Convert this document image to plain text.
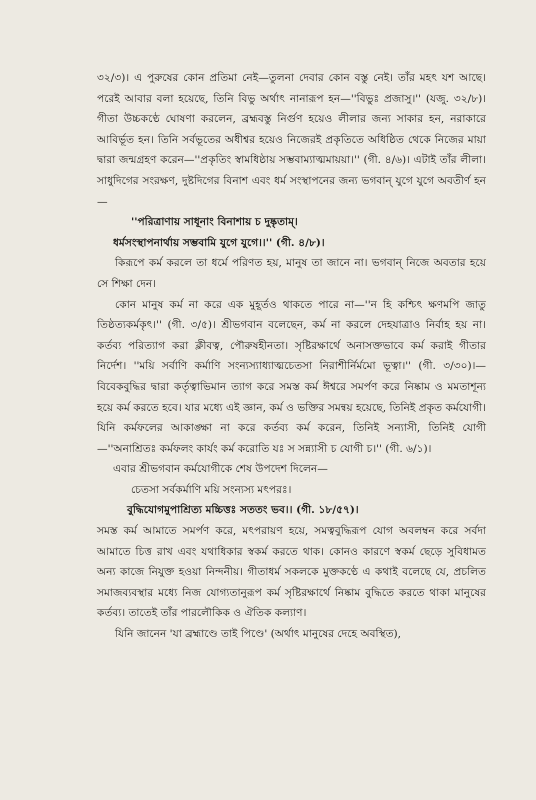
৩২/৩)। এ পুরুষের কোন প্রতিমা নেই—তুলনা দেবার কোন বস্তু নেই। তাঁর মহৎ যশ আছে। পরেই আবার বলা হয়েছে, তিনি বিভু অর্থাৎ নানারূপ হন—''বিভুঃ প্রজাসু।'' (যজু. ৩২/৮)। গীতা উচ্চকণ্ঠে ঘোষণা করলেন, ব্রহ্মবস্তু নির্গুণ হয়েও লীলার জন্য সাকার হন, নরাকারে আবির্ভূত হন। তিনি সর্বভূতের অধীশ্বর হয়েও নিজেরই প্রকৃতিতে অধিষ্ঠিত থেকে নিজের মায়া দ্বারা জন্মগ্রহণ করেন—''প্রকৃতিং স্বামধিষ্ঠায় সম্ভবাম্যাত্মমায়য়া।'' (গী. ৪/৬)। এটাই তাঁর লীলা। সাধুদিগের সংরক্ষণ, দুষ্টদিগের বিনাশ এবং ধর্ম সংস্থাপনের জন্য ভগবান্ যুগে যুগে অবতীর্ণ হন—

''পরিত্রাণায় সাধূনাং বিনাশায় চ দুষ্কৃতাম্।

ধর্মসংস্থাপনার্থায় সম্ভবামি যুগে যুগে।।'' (গী. ৪/৮)।

কিরূপে কর্ম করলে তা ধর্মে পরিণত হয়, মানুষ তা জানে না। ভগবান্ নিজে অবতার হয়ে সে শিক্ষা দেন।

কোন মানুষ কর্ম না করে এক মুহূর্তও থাকতে পারে না—''ন হি কশ্চিৎ ক্ষণমপি জাতু তিষ্ঠত্যকর্মকৃৎ।'' (গী. ৩/৫)। শ্রীভগবান বলেছেন, কর্ম না করলে দেহযাত্রাও নির্বাহ হয় না। কর্তব্য পরিত্যাগ করা ক্লীবত্ব, পৌরুষহীনতা। সৃষ্টিরক্ষার্থে অনাসক্তভাবে কর্ম করাই গীতার নির্দেশ। ''ময়ি সর্বাণি কর্মাণি সংন্যস্যাধ্যাত্মচেতসা নিরাশীর্নির্মমো ভূত্বা।'' (গী. ৩/৩০)।—বিবেকবুদ্ধির দ্বারা কর্তৃত্বাভিমান ত্যাগ করে সমস্ত কর্ম ঈশ্বরে সমর্পণ করে নিষ্কাম ও মমতাশূন্য হয়ে কর্ম করতে হবে। যার মধ্যে এই জ্ঞান, কর্ম ও ভক্তির সমন্বয় হয়েছে, তিনিই প্রকৃত কর্মযোগী। যিনি কর্মফলের আকাঙ্ক্ষা না করে কর্তব্য কর্ম করেন, তিনিই সন্যাসী, তিনিই যোগী—''অনাশ্রিতঃ কর্মফলং কার্যং কর্ম করোতি যঃ স সন্ন্যাসী চ যোগী চ।'' (গী. ৬/১)।

এবার শ্রীভগবান কর্মযোগীকে শেষ উপদেশ দিলেন—

চেতসা সর্বকর্মাণি ময়ি সংন্যস্য মৎপরঃ।

বুদ্ধিযোগমুপাশ্রিত্য মচ্চিত্তঃ সততং ভব।। (গী. ১৮/৫৭)।

সমস্ত কর্ম আমাতে সমর্পণ করে, মৎপরায়ণ হয়ে, সমত্ববুদ্ধিরূপ যোগ অবলম্বন করে সর্বদা আমাতে চিত্ত রাখ এবং যথাধিকার স্বকর্ম করতে থাক। কোনও কারণে স্বকর্ম ছেড়ে সুবিধামত অন্য কাজে নিযুক্ত হওয়া নিন্দনীয়। গীতাধর্ম সকলকে মুক্তকণ্ঠে এ কথাই বলেছে যে, প্রচলিত সমাজব্যবস্থার মধ্যে নিজ যোগ্যতানুরূপ কর্ম সৃষ্টিরক্ষার্থে নিষ্কাম বুদ্ধিতে করতে থাকা মানুষের কর্তব্য। তাতেই তাঁর পারলৌকিক ও ঐতিক কল্যাণ।

যিনি জানেন 'যা ব্রহ্মাণ্ডে তাই পিণ্ডে' (অর্থাৎ মানুষের দেহে অবস্থিত),
